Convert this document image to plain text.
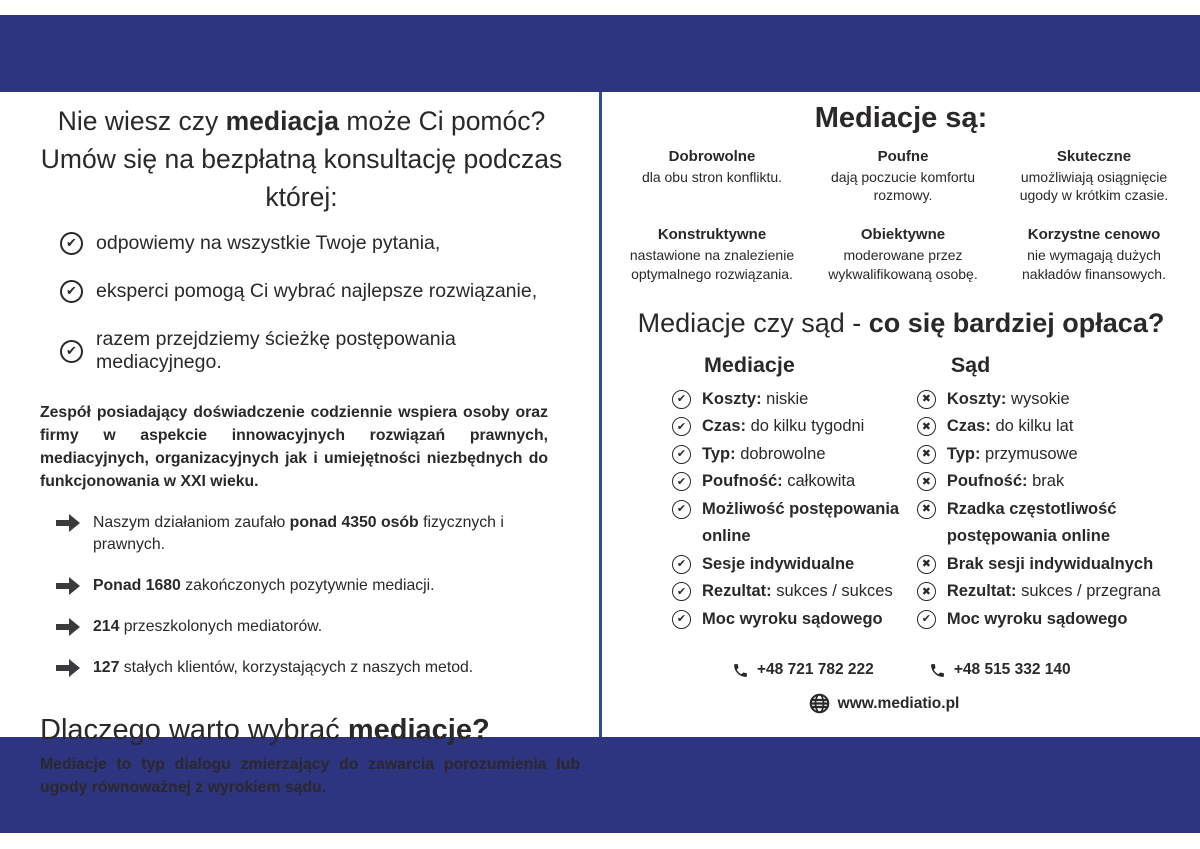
Nie wiesz czy mediacja może Ci pomóc?
Umów się na bezpłatną konsultację podczas której:
✔ odpowiemy na wszystkie Twoje pytania,
✔ eksperci pomogą Ci wybrać najlepsze rozwiązanie,
✔
razem przejdziemy ścieżkę postępowania mediacyjnego.
Zespół posiadający doświadczenie codziennie wspiera osoby oraz firmy w aspekcie innowacyjnych rozwiązań prawnych, mediacyjnych, organizacyjnych jak i umiejętności niezbędnych do funkcjonowania w XXI wieku.
Naszym działaniom zaufało ponad 4350 osób fizycznych i prawnych.
Ponad 1680 zakończonych pozytywnie mediacji.
214 przeszkolonych mediatorów.
127 stałych klientów, korzystających z naszych metod.
Dlaczego warto wybrać mediacje?
Mediacje to typ dialogu zmierzający do zawarcia porozumienia lub ugody równoważnej z wyrokiem sądu.
Mediacje są:
Dobrowolne
dla obu stron konfliktu.
Poufne
dają poczucie komfortu rozmowy.
Skuteczne
umożliwiają osiągnięcie ugody w krótkim czasie.
Konstruktywne
nastawione na znalezienie optymalnego rozwiązania.
Obiektywne
moderowane przez wykwalifikowaną osobę.
Korzystne cenowo
nie wymagają dużych nakładów finansowych.
Mediacje czy sąd - co się bardziej opłaca?
Mediacje
✔ Koszty: niskie
✔ Czas: do kilku tygodni
✔ Typ: dobrowolne
✔ Poufność: całkowita
✔ Możliwość postępowania online
✔ Sesje indywidualne
✔ Rezultat: sukces / sukces
✔ Moc wyroku sądowego
+48 721 782 222
Sąd
✖ Koszty: wysokie
✖ Czas: do kilku lat
✖ Typ: przymusowe
✖ Poufność: brak
✖ Rzadka częstotliwość postępowania online
✖ Brak sesji indywidualnych
✖ Rezultat: sukces / przegrana
✔ Moc wyroku sądowego
+48 515 332 140
www.mediatio.pl
